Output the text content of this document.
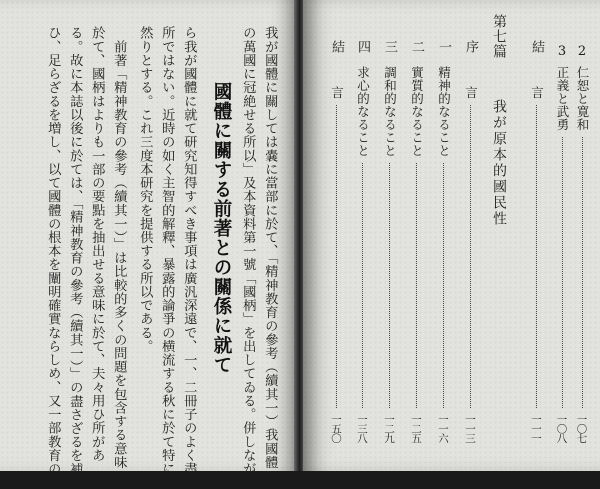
我が國體に關しては嚢に當部に於て、「精神教育の參考（續其一）我國體
の萬國に冠絶せる所以」及本資料第一號「國柄」を出してゐる。併しなが
國體に關する前著との關係に就て
ら我が國體に就て研究知得すべき事項は廣汎深遠で、一、二冊子のよく盡す
所ではない。近時の如く主智的解釋、暴露的論爭の横流する秋に於て特に
然りとする。これ三度本研究を提供する所以である。
　前著「精神教育の參考（續其一）」は比較的多くの問題を包含する意味に
於て、國柄はよりも一部の要點を抽出せる意味に於て、夫々用ひ所があ
る。故に本誌以後に於ては、「精神教育の參考（續其一）」の盡さざるを補
ひ、足らざるを増し、以て國體の根本を闡明確實ならしめ、又一部教育の	2
仁恕と寛和
一〇七
3
正義と武勇
一〇八
結
言
一一一
第七篇
我が原本的國民性
序
言
一一三
一
精神的なること
一一六
二
實質的なること
一二五
三
調和的なること
一二九
四
求心的なること
一三八
結
言
一五〇
